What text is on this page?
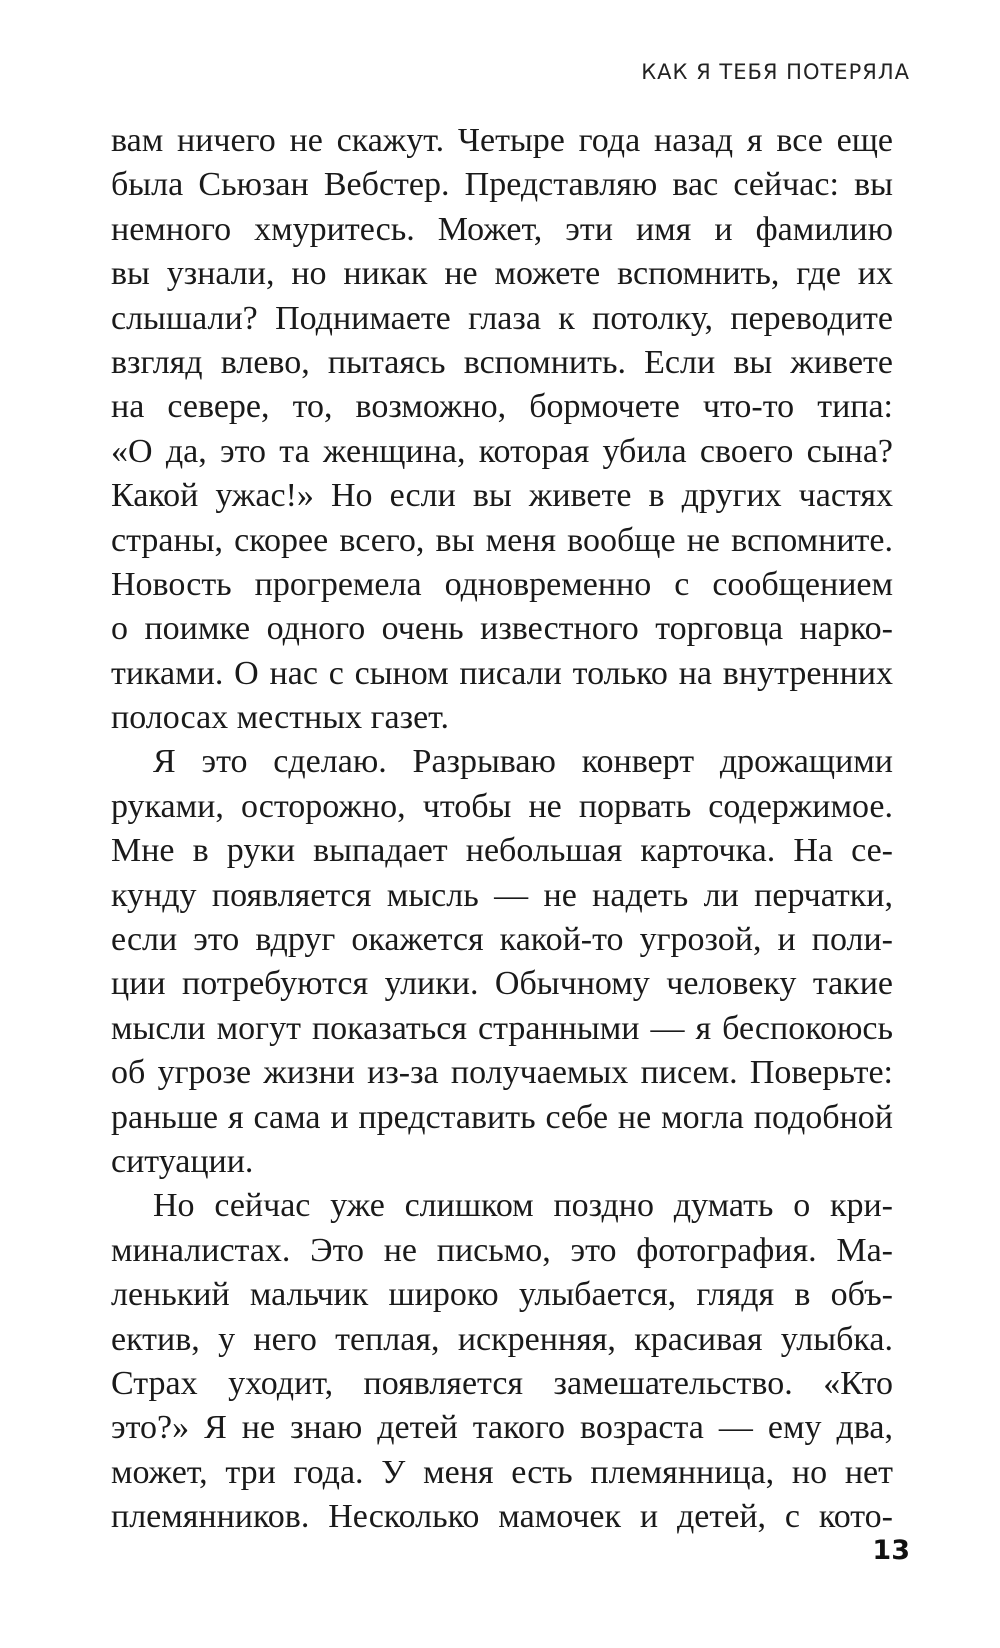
КАК Я ТЕБЯ ПОТЕРЯЛА
вам ничего не скажут. Четыре года назад я все еще
была Сьюзан Вебстер. Представляю вас сейчас: вы
немного хмуритесь. Может, эти имя и фамилию
вы узнали, но никак не можете вспомнить, где их
слышали? Поднимаете глаза к потолку, переводите
взгляд влево, пытаясь вспомнить. Если вы живете
на севере, то, возможно, бормочете что-то типа:
«О да, это та женщина, которая убила своего сына?
Какой ужас!» Но если вы живете в других частях
страны, скорее всего, вы меня вообще не вспомните.
Новость прогремела одновременно с сообщением
о поимке одного очень известного торговца нарко-
тиками. О нас с сыном писали только на внутренних
полосах местных газет.
Я это сделаю. Разрываю конверт дрожащими
руками, осторожно, чтобы не порвать содержимое.
Мне в руки выпадает небольшая карточка. На се-
кунду появляется мысль — не надеть ли перчатки,
если это вдруг окажется какой-то угрозой, и поли-
ции потребуются улики. Обычному человеку такие
мысли могут показаться странными — я беспокоюсь
об угрозе жизни из-за получаемых писем. Поверьте:
раньше я сама и представить себе не могла подобной
ситуации.
Но сейчас уже слишком поздно думать о кри-
миналистах. Это не письмо, это фотография. Ма-
ленький мальчик широко улыбается, глядя в объ-
ектив, у него теплая, искренняя, красивая улыбка.
Страх уходит, появляется замешательство. «Кто
это?» Я не знаю детей такого возраста — ему два,
может, три года. У меня есть племянница, но нет
племянников. Несколько мамочек и детей, с кото-
13
